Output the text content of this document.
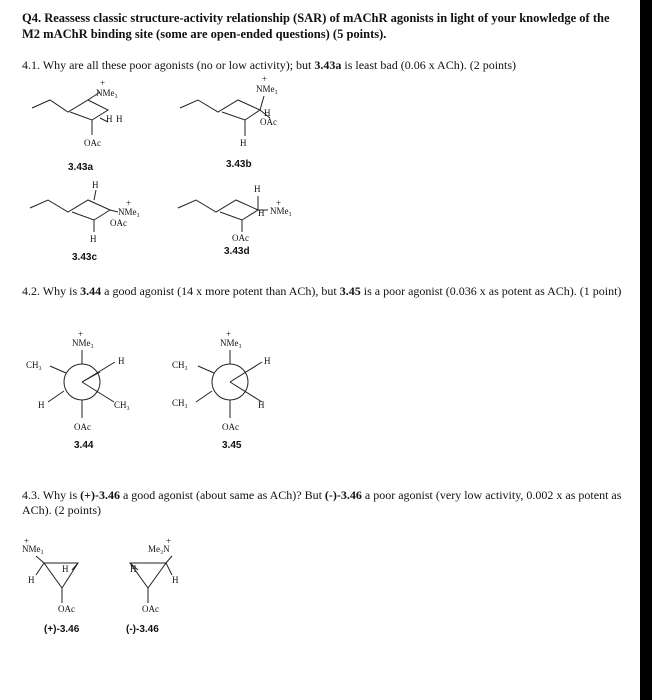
Q4. Reassess classic structure-activity relationship (SAR) of mAChR agonists in light of your knowledge of the M2 mAChR binding site (some are open-ended questions) (5 points).

4.1. Why are all these poor agonists (no or low activity); but 3.43a is least bad (0.06 x ACh). (2 points)

4.2. Why is 3.44 a good agonist (14 x more potent than ACh), but 3.45 is a poor agonist (0.036 x as potent as ACh). (1 point)

4.3. Why is (+)-3.46 a good agonist (about same as ACh)? But (-)-3.46 a poor agonist (very low activity, 0.002 x as potent as ACh). (2 points)

+
NMe₃
H H
OAc
3.43a
+
NMe₃
H
OAc
H
3.43b
H
+
NMe₃
OAc
H
3.43c
H
H
+
NMe₃
OAc
3.43d
+
NMe₃
CH₃	H
H	CH₃
OAc
3.44
+
NMe₃
CH₃	H
CH₃	H
OAc
3.45
+
NMe₃
H
H
OAc
(+)-3.46
+
Me₃N
H
H
OAc
(-)-3.46
